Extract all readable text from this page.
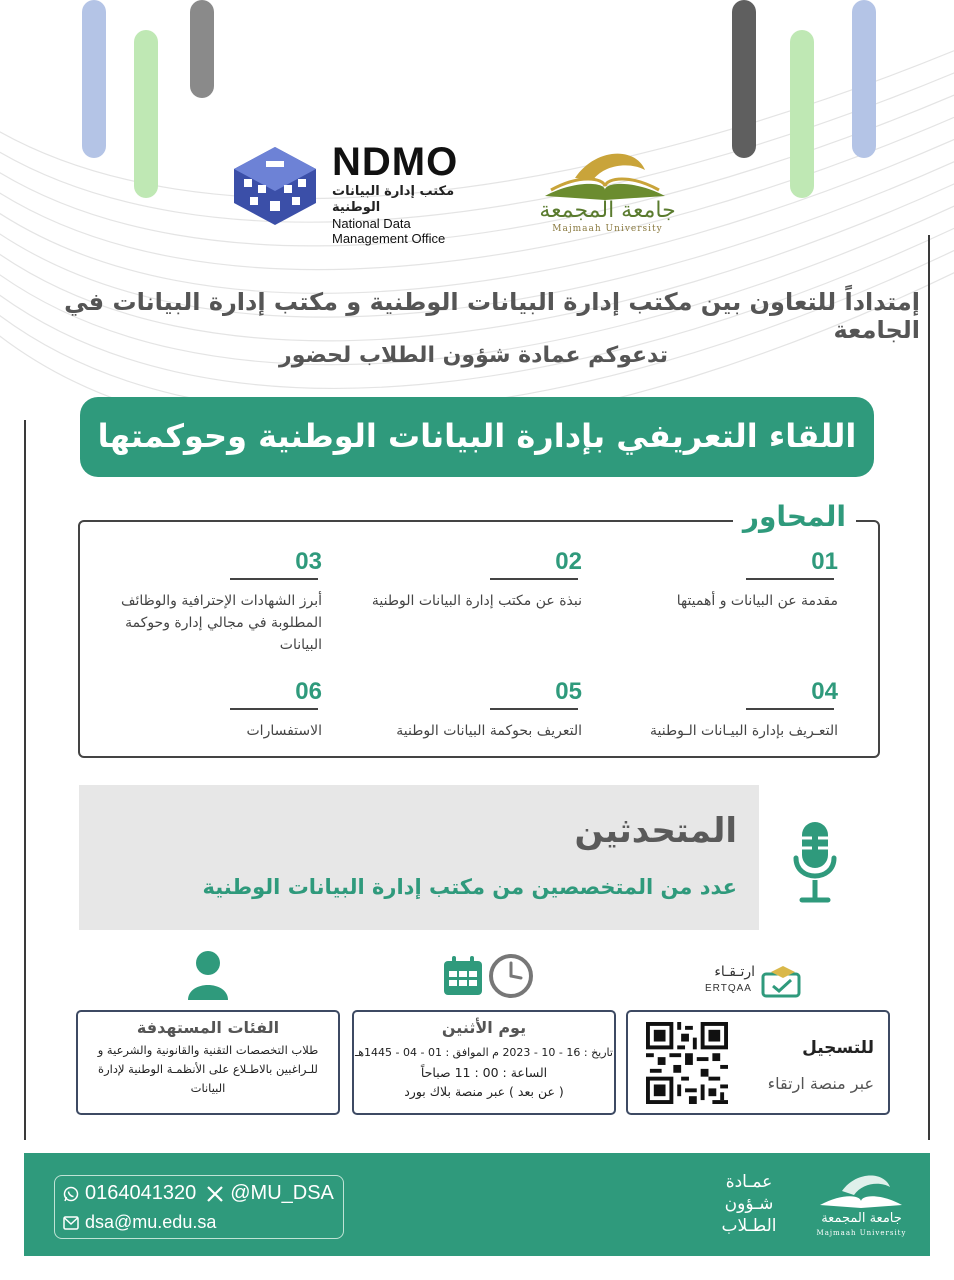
NDMO
مكتب إدارة البيانات الوطنية
National Data
Management Office
جامعة المجمعة
Majmaah University
إمتداداً للتعاون بين مكتب إدارة البيانات الوطنية و مكتب إدارة البيانات في الجامعة
تدعوكم عمادة شؤون الطلاب لحضور
اللقاء التعريفي بإدارة البيانات الوطنية وحوكمتها
المحاور
01
مقدمة عن البيانات و أهميتها
02
نبذة عن مكتب إدارة البيانات الوطنية
03
أبرز الشهادات الإحترافية والوظائف المطلوبة في مجالي إدارة وحوكمة البيانات
04
التعـريف بإدارة البيـانات الـوطنية
05
التعريف بحوكمة البيانات الوطنية
06
الاستفسارات
المتحدثين
عدد من المتخصصين من مكتب إدارة البيانات الوطنية
ارتـقـاء
ERTQAA
الفئات المستهدفة
طلاب التخصصات التقنية والقانونية والشرعية و للـراغبين بالاطـلاع على الأنظمـة الوطنية لإدارة البيانات
يوم الأثنين
تاريخ : 16 - 10 - 2023 م الموافق : 01 - 04 - 1445هـ
الساعة : 00 : 11 صباحاً
( عن بعد ) عبر منصة بلاك بورد
للتسجيل
عبر منصة ارتقاء
0164041320 @MU_DSA
dsa@mu.edu.sa
عمـادة
شـؤون
الطـلاب	جامعة المجمعة
Majmaah University
